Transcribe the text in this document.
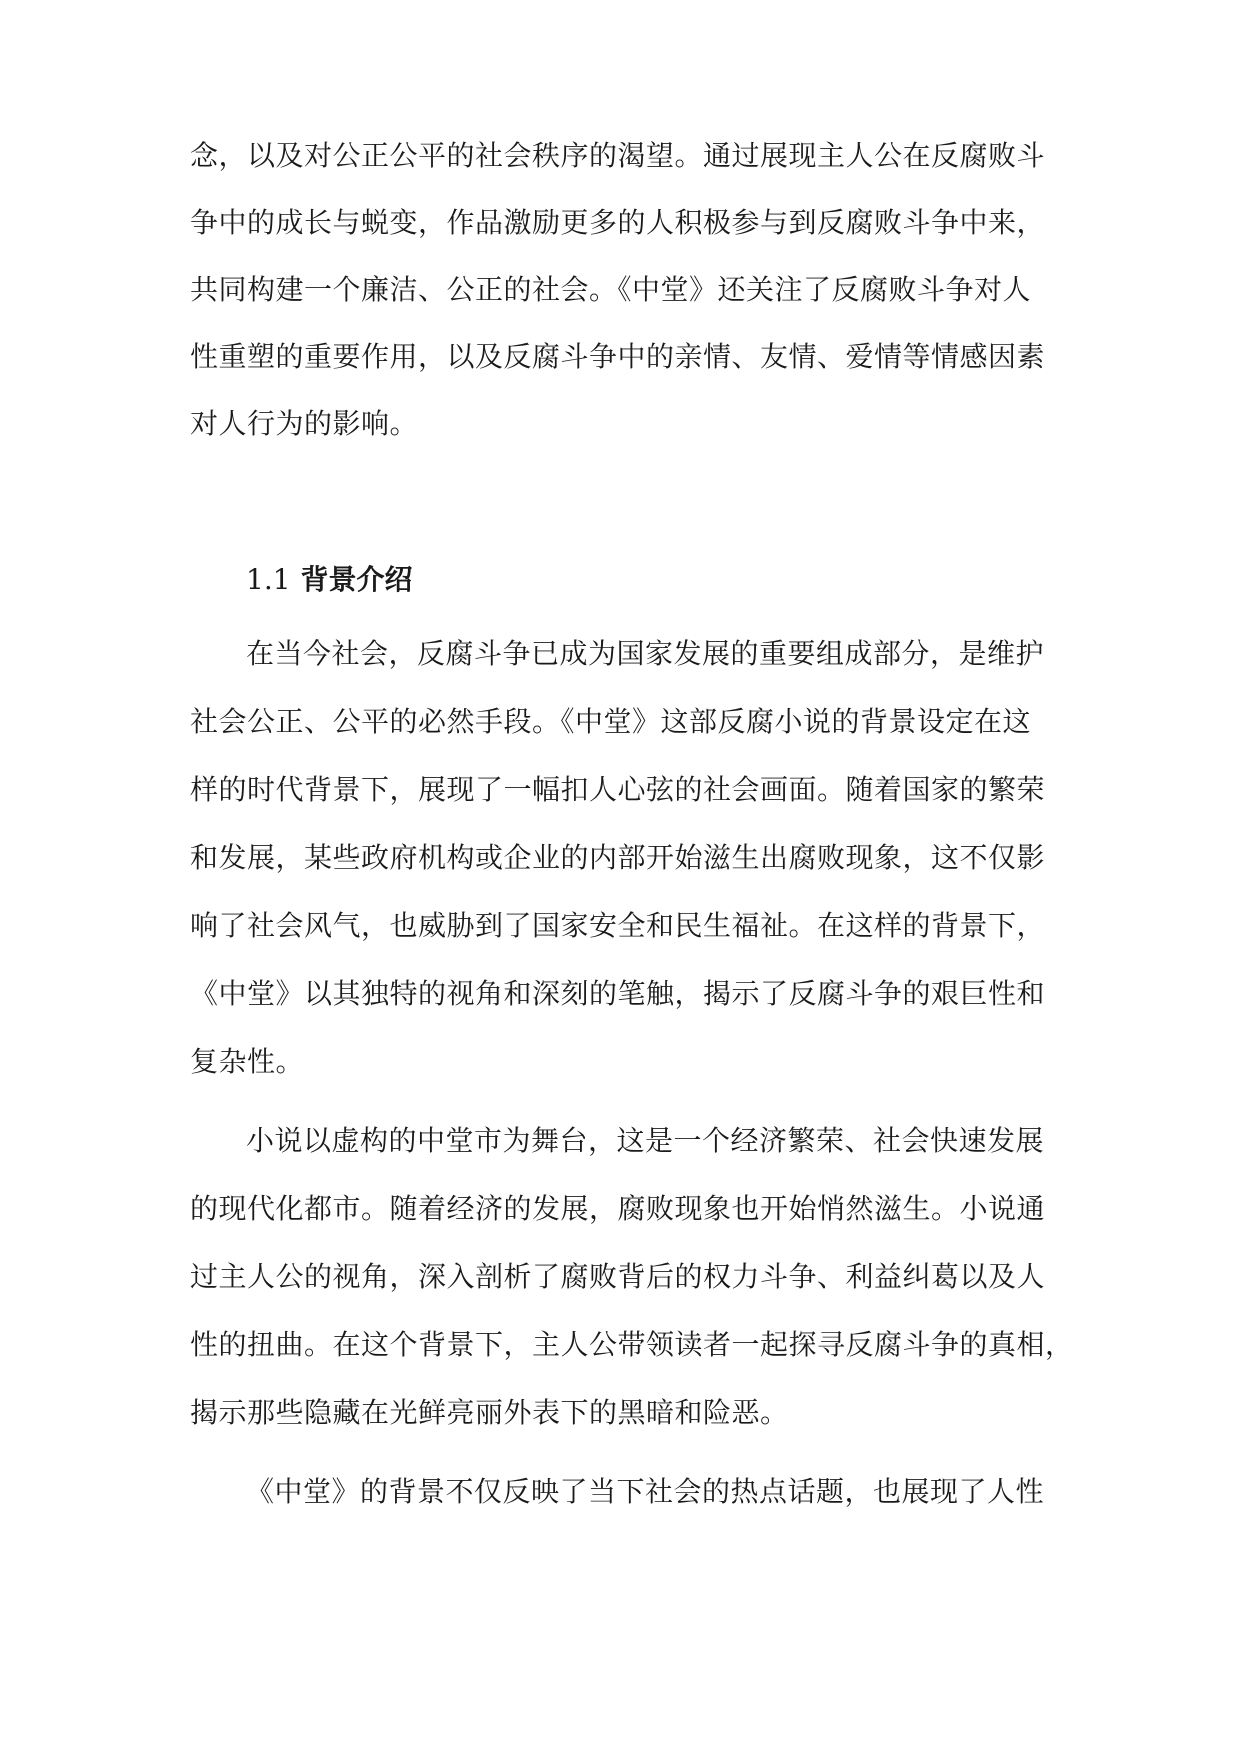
念，以及对公正公平的社会秩序的渴望。通过展现主人公在反腐败斗
争中的成长与蜕变，作品激励更多的人积极参与到反腐败斗争中来，
共同构建一个廉洁、公正的社会。《中堂》还关注了反腐败斗争对人
性重塑的重要作用，以及反腐斗争中的亲情、友情、爱情等情感因素
对人行为的影响。
1.1 背景介绍
在当今社会，反腐斗争已成为国家发展的重要组成部分，是维护
社会公正、公平的必然手段。《中堂》这部反腐小说的背景设定在这
样的时代背景下，展现了一幅扣人心弦的社会画面。随着国家的繁荣
和发展，某些政府机构或企业的内部开始滋生出腐败现象，这不仅影
响了社会风气，也威胁到了国家安全和民生福祉。在这样的背景下，
《中堂》以其独特的视角和深刻的笔触，揭示了反腐斗争的艰巨性和
复杂性。
小说以虚构的中堂市为舞台，这是一个经济繁荣、社会快速发展
的现代化都市。随着经济的发展，腐败现象也开始悄然滋生。小说通
过主人公的视角，深入剖析了腐败背后的权力斗争、利益纠葛以及人
性的扭曲。在这个背景下，主人公带领读者一起探寻反腐斗争的真相，
揭示那些隐藏在光鲜亮丽外表下的黑暗和险恶。
《中堂》的背景不仅反映了当下社会的热点话题，也展现了人性
